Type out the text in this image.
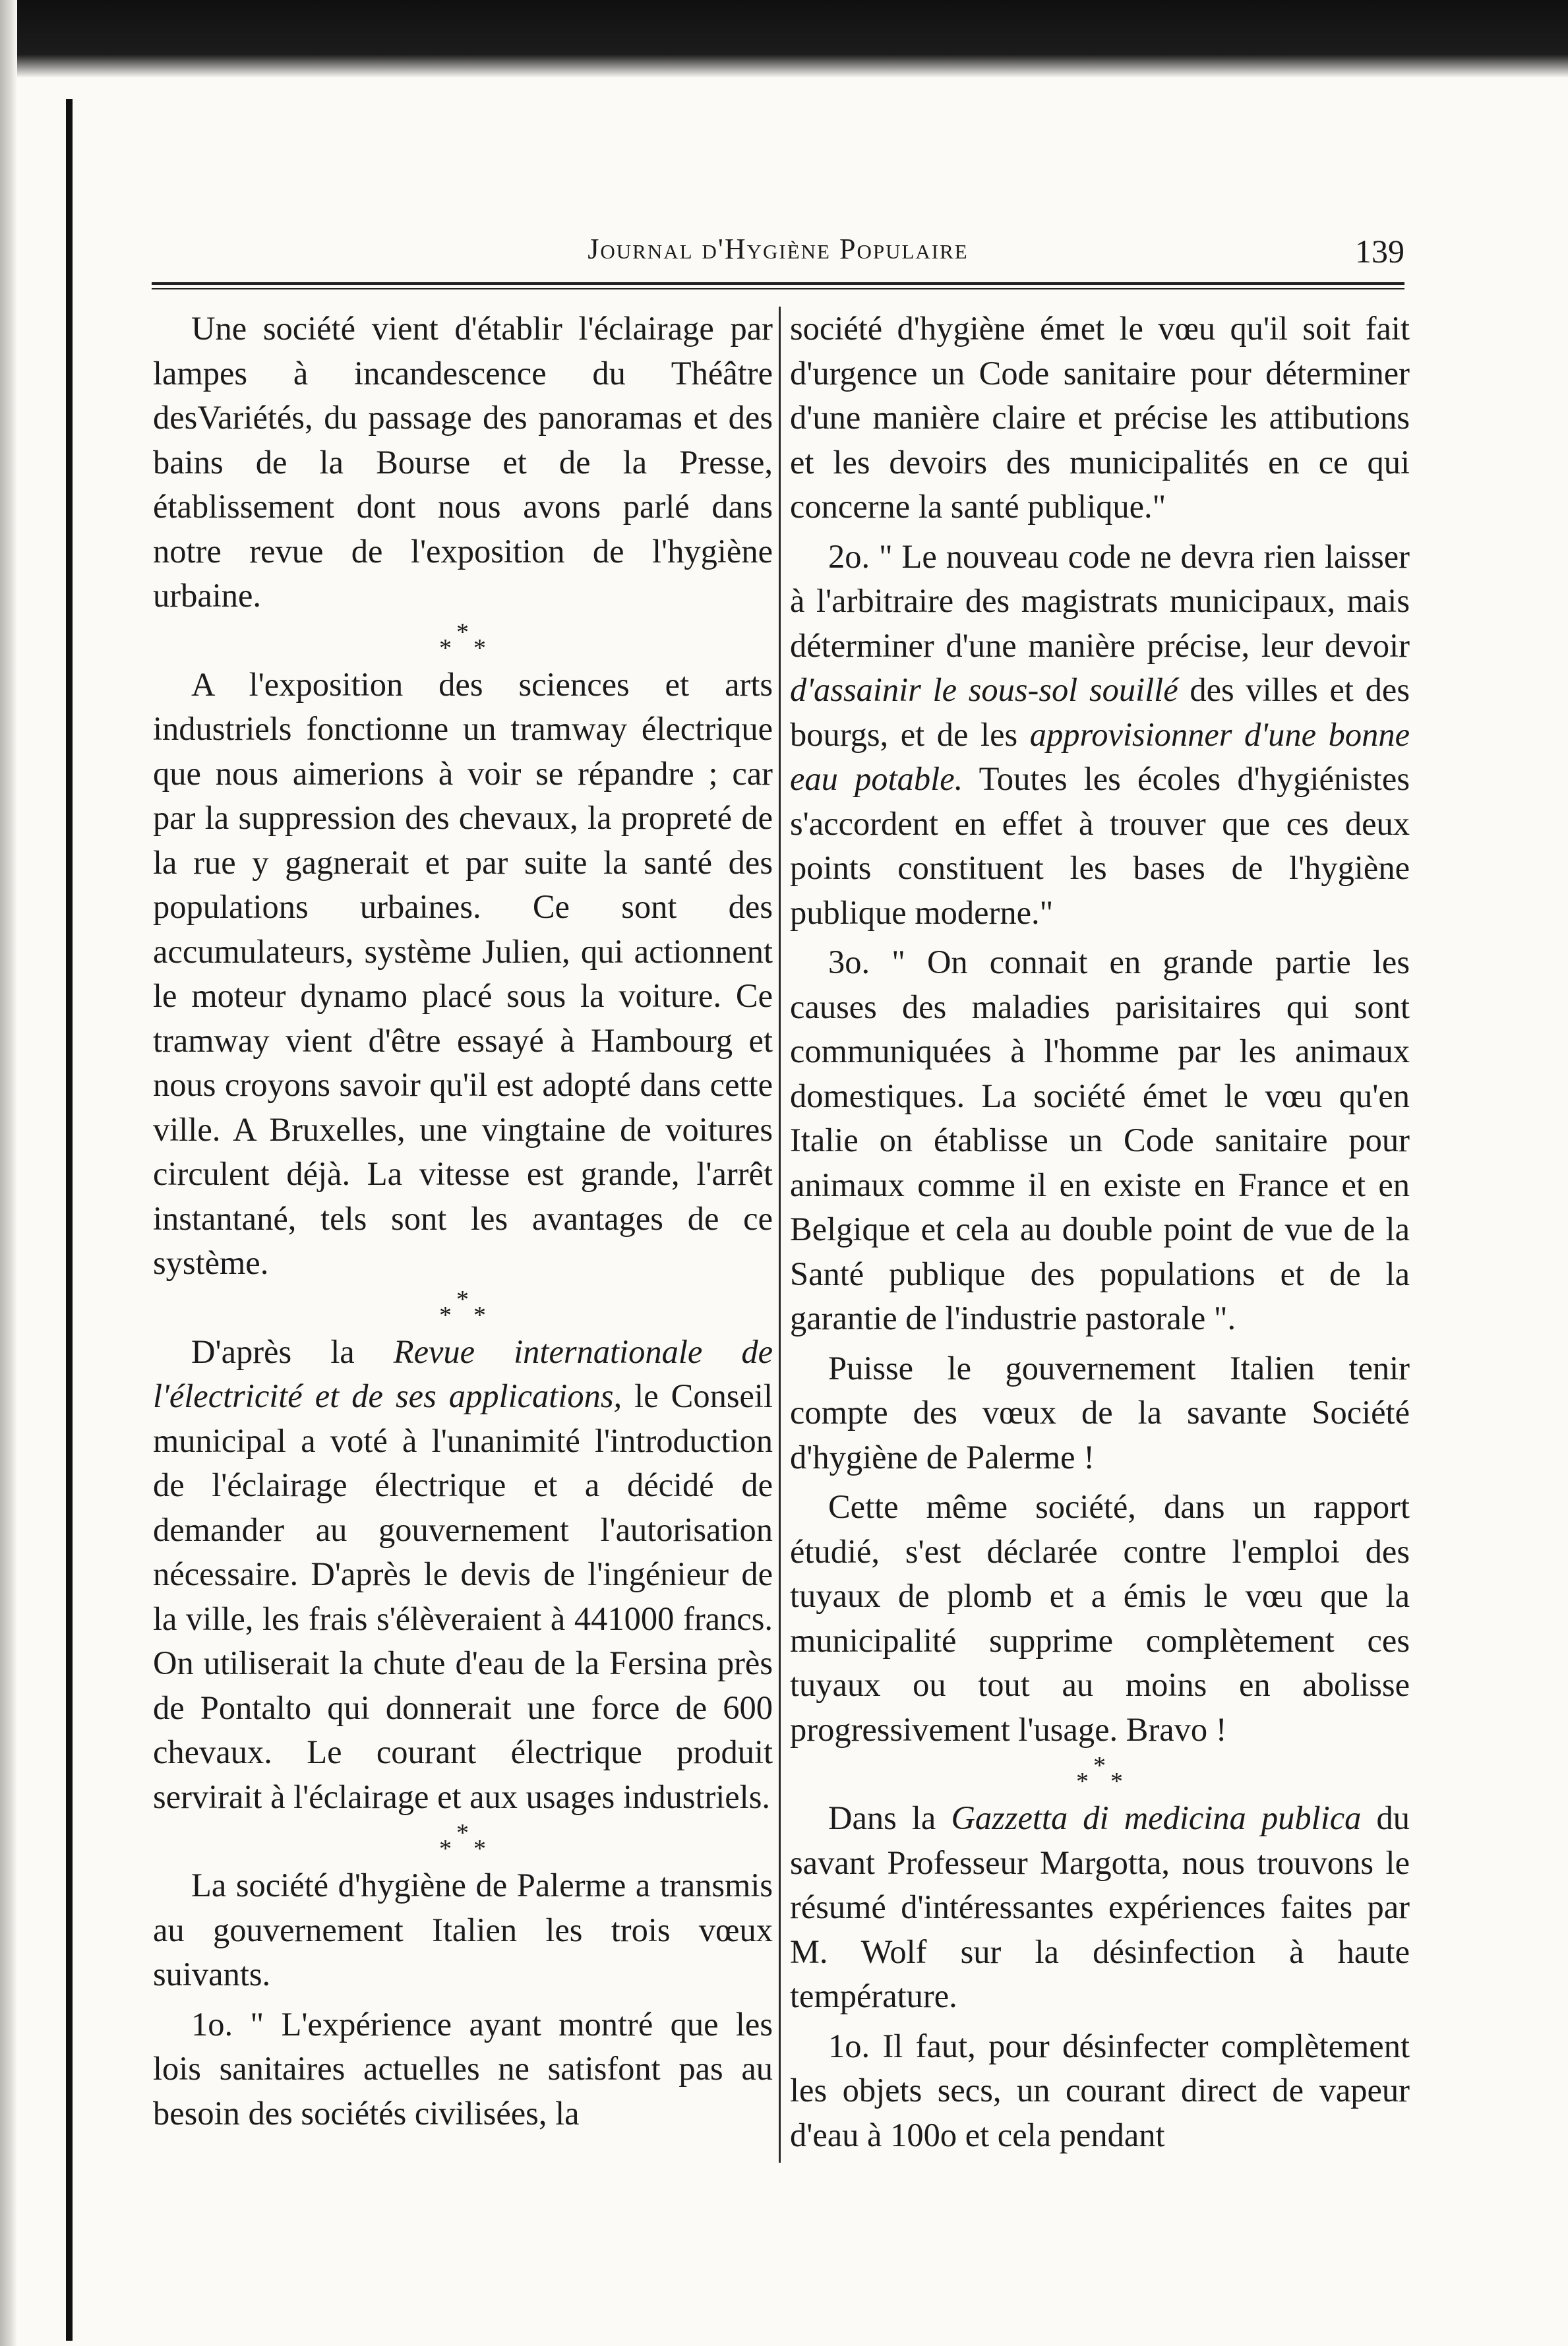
Journal d'Hygiène Populaire	139

Une société vient d'établir l'éclairage par lampes à incandescence du Théâtre desVariétés, du passage des panoramas et des bains de la Bourse et de la Presse, établissement dont nous avons parlé dans notre revue de l'exposition de l'hygiène urbaine.

*
* *

A l'exposition des sciences et arts industriels fonctionne un tramway électrique que nous aimerions à voir se répandre ; car par la suppression des chevaux, la propreté de la rue y gagnerait et par suite la santé des populations urbaines. Ce sont des accumulateurs, système Julien, qui actionnent le moteur dynamo placé sous la voiture. Ce tramway vient d'être essayé à Hambourg et nous croyons savoir qu'il est adopté dans cette ville. A Bruxelles, une vingtaine de voitures circulent déjà. La vitesse est grande, l'arrêt instantané, tels sont les avantages de ce système.

*
* *

D'après la Revue internationale de l'électricité et de ses applications, le Conseil municipal a voté à l'unanimité l'introduction de l'éclairage électrique et a décidé de demander au gouvernement l'autorisation nécessaire. D'après le devis de l'ingénieur de la ville, les frais s'élèveraient à 441000 francs. On utiliserait la chute d'eau de la Fersina près de Pontalto qui donnerait une force de 600 chevaux. Le courant électrique produit servirait à l'éclairage et aux usages industriels.

*
* *

La société d'hygiène de Palerme a transmis au gouvernement Italien les trois vœux suivants.

1o. " L'expérience ayant montré que les lois sanitaires actuelles ne satisfont pas au besoin des sociétés civilisées, la

société d'hygiène émet le vœu qu'il soit fait d'urgence un Code sanitaire pour déterminer d'une manière claire et précise les attibutions et les devoirs des municipalités en ce qui concerne la santé publique."

2o. " Le nouveau code ne devra rien laisser à l'arbitraire des magistrats municipaux, mais déterminer d'une manière précise, leur devoir d'assainir le sous-sol souillé des villes et des bourgs, et de les approvisionner d'une bonne eau potable. Toutes les écoles d'hygiénistes s'accordent en effet à trouver que ces deux points constituent les bases de l'hygiène publique moderne."

3o. " On connait en grande partie les causes des maladies parisitaires qui sont communiquées à l'homme par les animaux domestiques. La société émet le vœu qu'en Italie on établisse un Code sanitaire pour animaux comme il en existe en France et en Belgique et cela au double point de vue de la Santé publique des populations et de la garantie de l'industrie pastorale ".

Puisse le gouvernement Italien tenir compte des vœux de la savante Société d'hygiène de Palerme !

Cette même société, dans un rapport étudié, s'est déclarée contre l'emploi des tuyaux de plomb et a émis le vœu que la municipalité supprime complètement ces tuyaux ou tout au moins en abolisse progressivement l'usage. Bravo !

*
* *

Dans la Gazzetta di medicina publica du savant Professeur Margotta, nous trouvons le résumé d'intéressantes expériences faites par M. Wolf sur la désinfection à haute température.

1o. Il faut, pour désinfecter complètement les objets secs, un courant direct de vapeur d'eau à 100o et cela pendant
